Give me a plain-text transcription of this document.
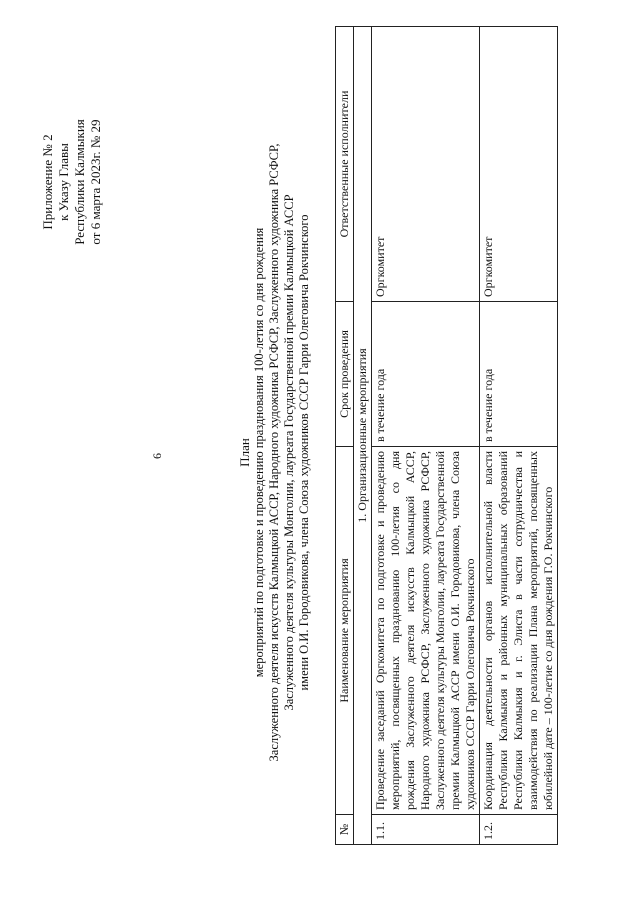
6
Приложение № 2 к Указу Главы Республики Калмыкия от 6 марта 2023г. № 29
План мероприятий по подготовке и проведению празднования 100-летия со дня рождения Заслуженного деятеля искусств Калмыцкой АССР, Народного художника РСФСР, Заслуженного художника РСФСР, Заслуженного деятеля культуры Монголии, лауреата Государственной премии Калмыцкой АССР имени О.И. Городовикова, члена Союза художников СССР Гарри Олеговича Рокчинского
№	Наименование мероприятия	Срок проведения	Ответственные исполнители
1. Организационные мероприятия			
1.1.	Проведение заседаний Оргкомитета по подготовке и проведению мероприятий, посвященных празднованию 100-летия со дня рождения Заслуженного деятеля искусств Калмыцкой АССР, Народного художника РСФСР, Заслуженного художника РСФСР, Заслуженного деятеля культуры Монголии, лауреата Государственной премии Калмыцкой АССР имени О.И. Городовикова, члена Союза художников СССР Гарри Олеговича Рокчинского	в течение года	Оргкомитет
1.2.	Координация деятельности органов исполнительной власти Республики Калмыкия и районных муниципальных образований Республики Калмыкия и г. Элиста в части сотрудничества и взаимодействия по реализации Плана мероприятий, посвященных юбилейной дате – 100-летие со дня рождения Г.О. Рокчинского	в течение года	Оргкомитет
